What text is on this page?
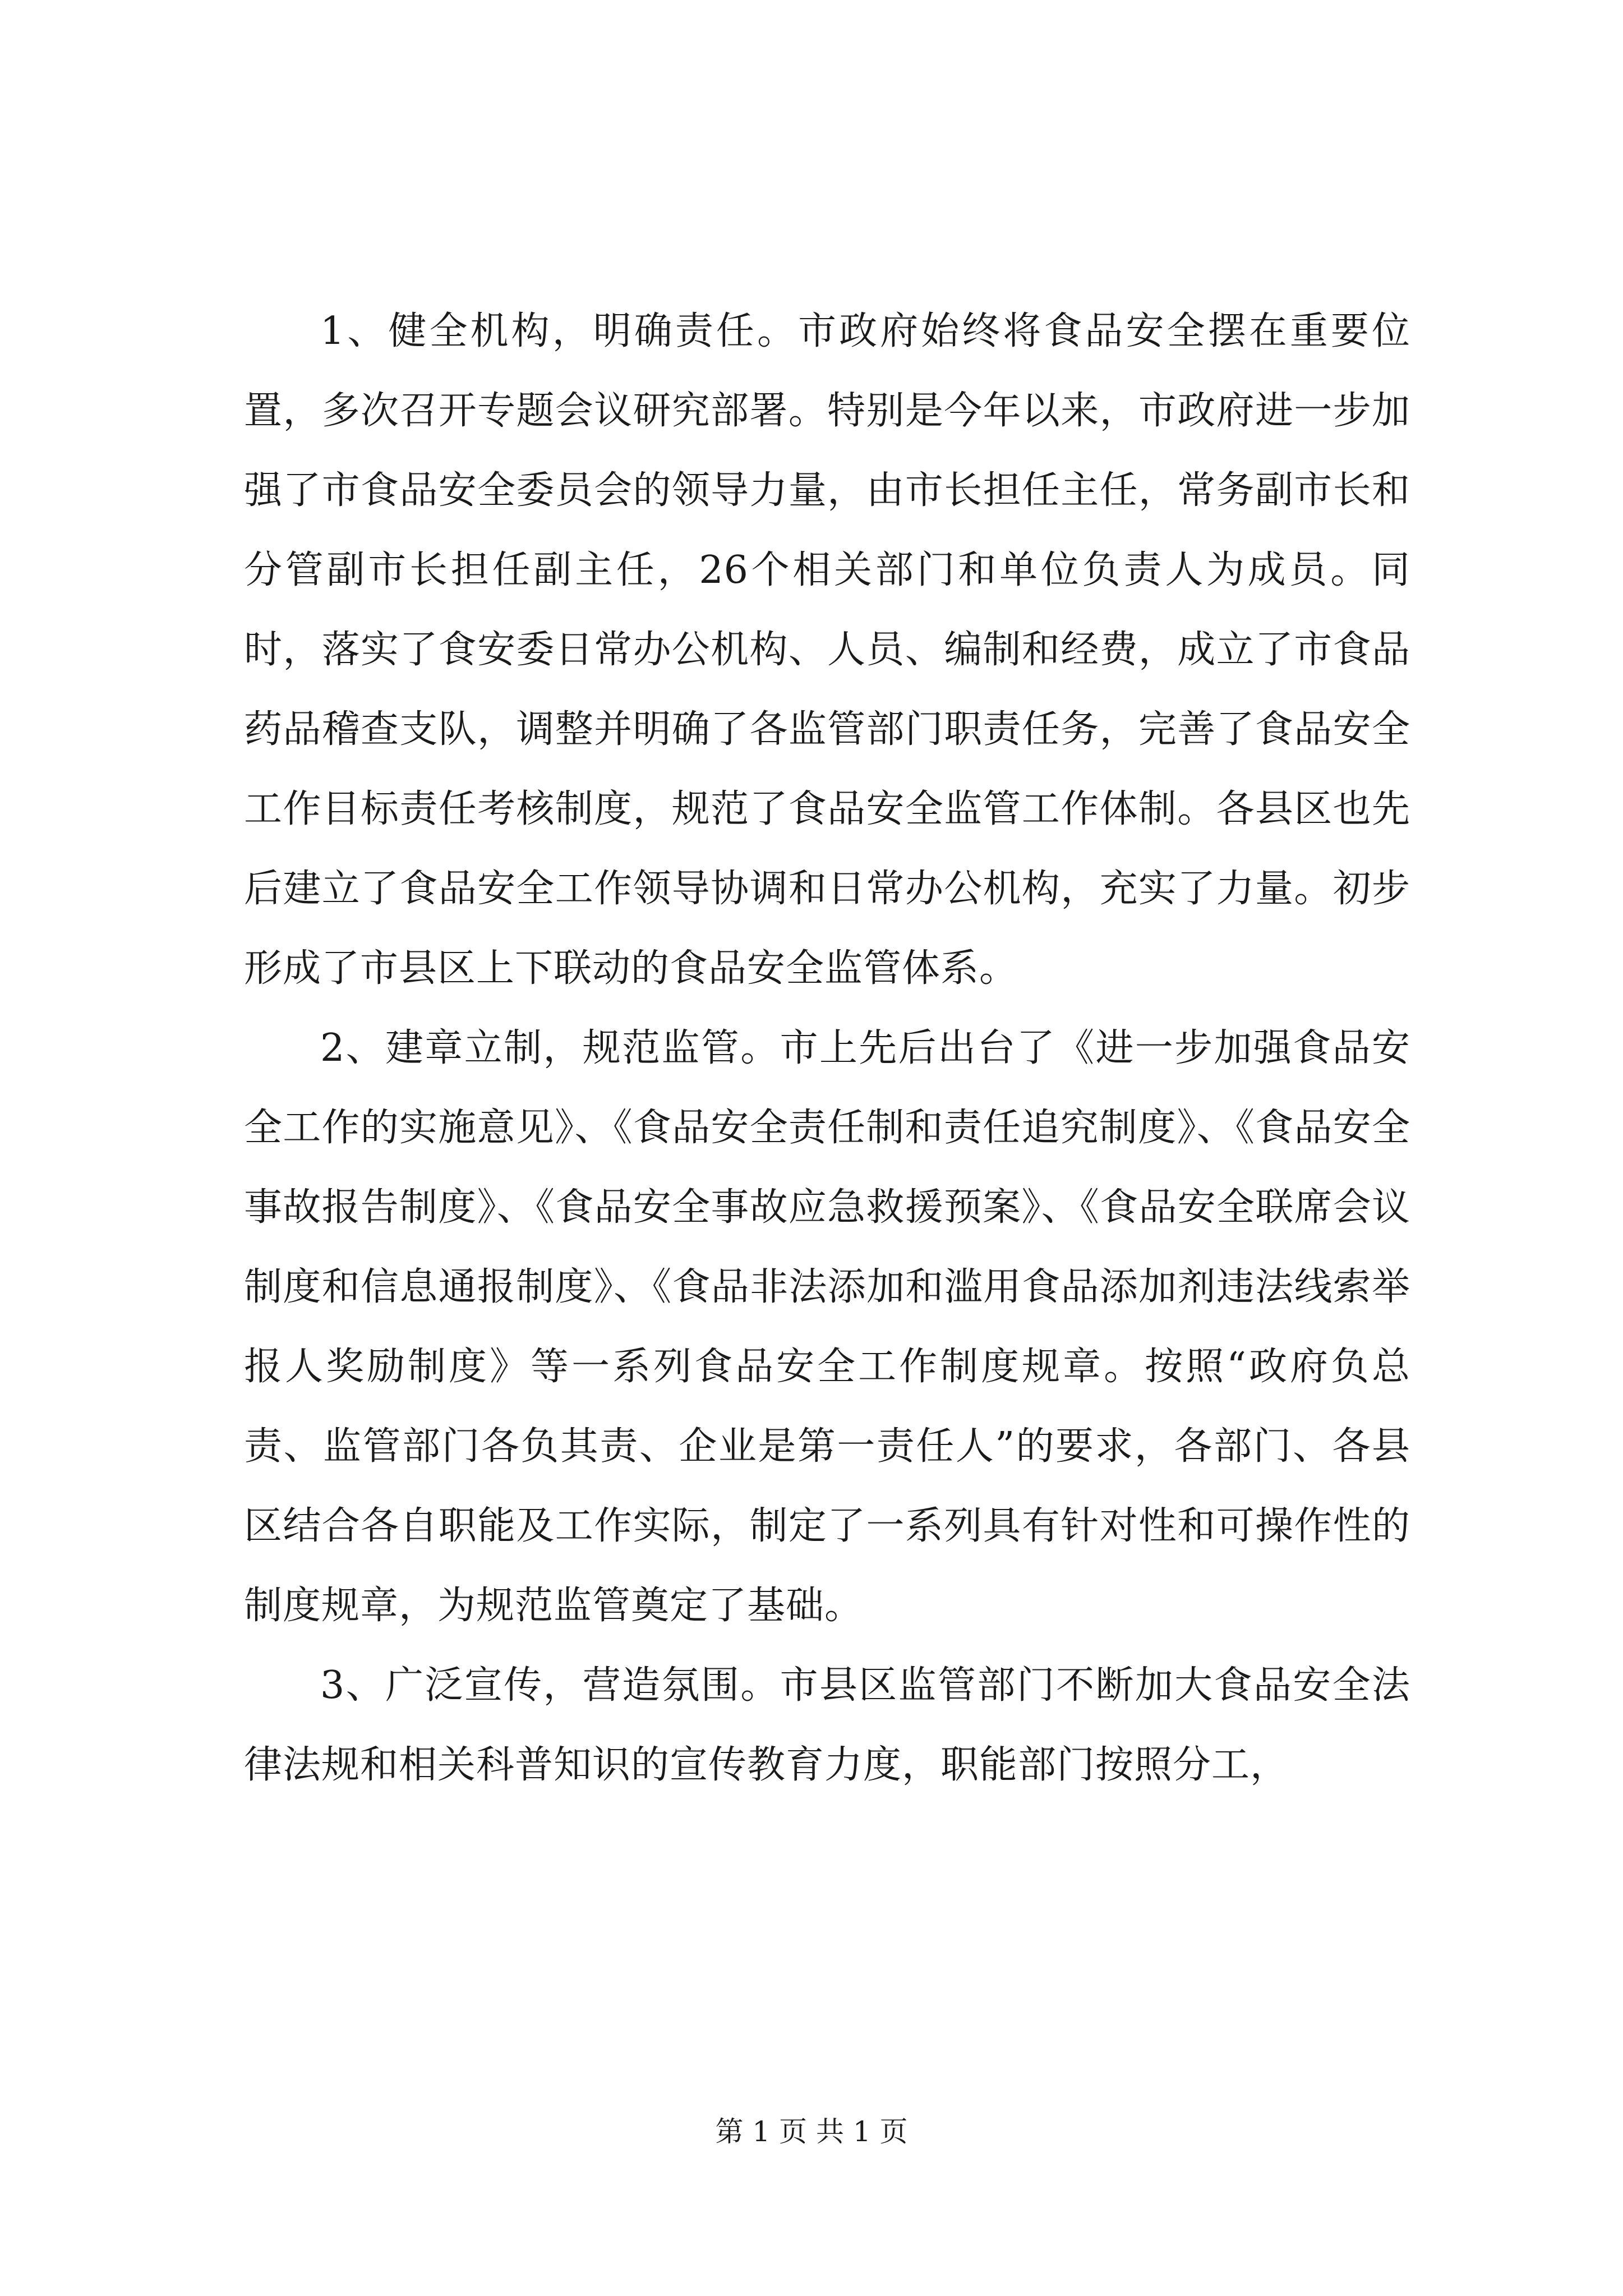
1、健全机构，明确责任。市政府始终将食品安全摆在重要位置，多次召开专题会议研究部署。特别是今年以来，市政府进一步加强了市食品安全委员会的领导力量，由市长担任主任，常务副市长和分管副市长担任副主任，26个相关部门和单位负责人为成员。同时，落实了食安委日常办公机构、人员、编制和经费，成立了市食品药品稽查支队，调整并明确了各监管部门职责任务，完善了食品安全工作目标责任考核制度，规范了食品安全监管工作体制。各县区也先后建立了食品安全工作领导协调和日常办公机构，充实了力量。初步形成了市县区上下联动的食品安全监管体系。

2、建章立制，规范监管。市上先后出台了《进一步加强食品安全工作的实施意见》、《食品安全责任制和责任追究制度》、《食品安全事故报告制度》、《食品安全事故应急救援预案》、《食品安全联席会议制度和信息通报制度》、《食品非法添加和滥用食品添加剂违法线索举报人奖励制度》等一系列食品安全工作制度规章。按照“政府负总责、监管部门各负其责、企业是第一责任人”的要求，各部门、各县区结合各自职能及工作实际，制定了一系列具有针对性和可操作性的制度规章，为规范监管奠定了基础。

3、广泛宣传，营造氛围。市县区监管部门不断加大食品安全法律法规和相关科普知识的宣传教育力度，职能部门按照分工，

第 1 页 共 1 页
